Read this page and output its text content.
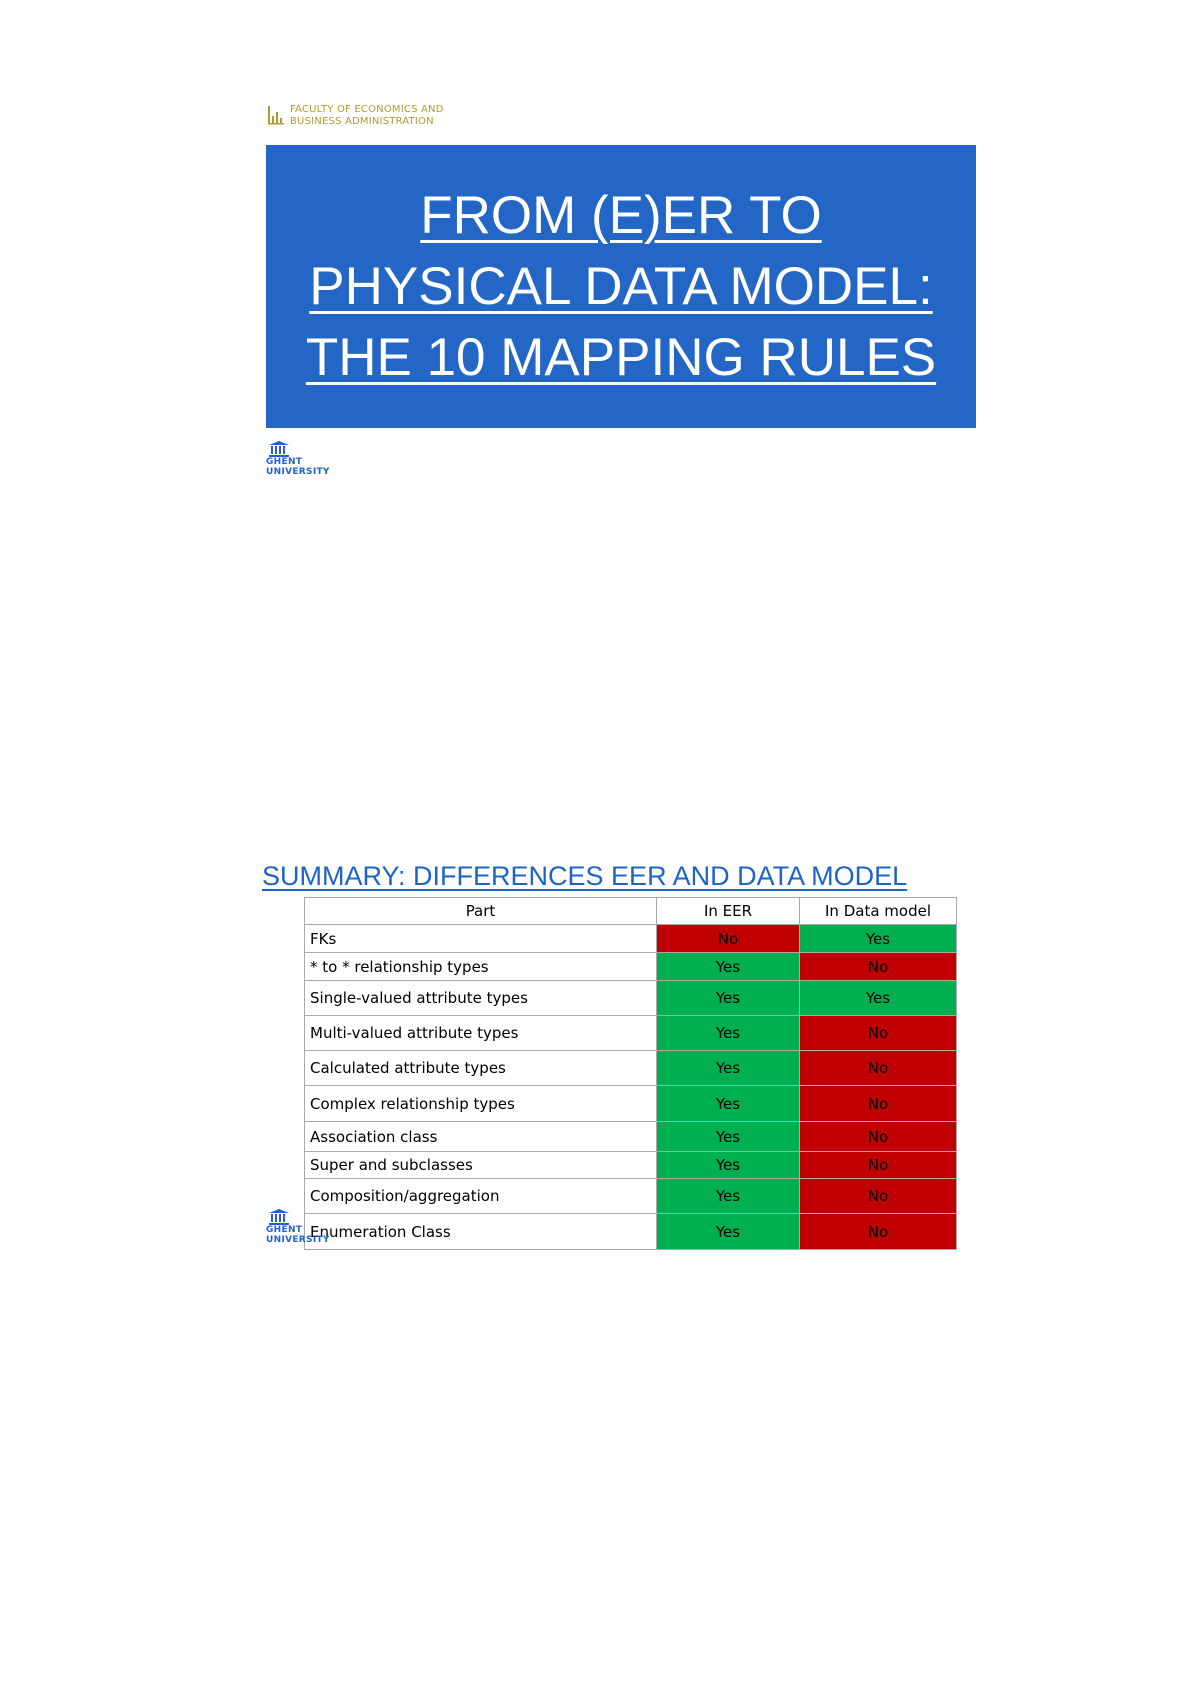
FACULTY OF ECONOMICS AND
BUSINESS ADMINISTRATION
FROM (E)ER TO
PHYSICAL DATA MODEL:
THE 10 MAPPING RULES
GHENT
UNIVERSITY
SUMMARY: DIFFERENCES EER AND DATA MODEL
Part	In EER	In Data model
FKs	No	Yes
* to * relationship types	Yes	No
Single-valued attribute types	Yes	Yes
Multi-valued attribute types	Yes	No
Calculated attribute types	Yes	No
Complex relationship types	Yes	No
Association class	Yes	No
Super and subclasses	Yes	No
Composition/aggregation	Yes	No
Enumeration Class	Yes	No
GHENT
UNIVERSITY
